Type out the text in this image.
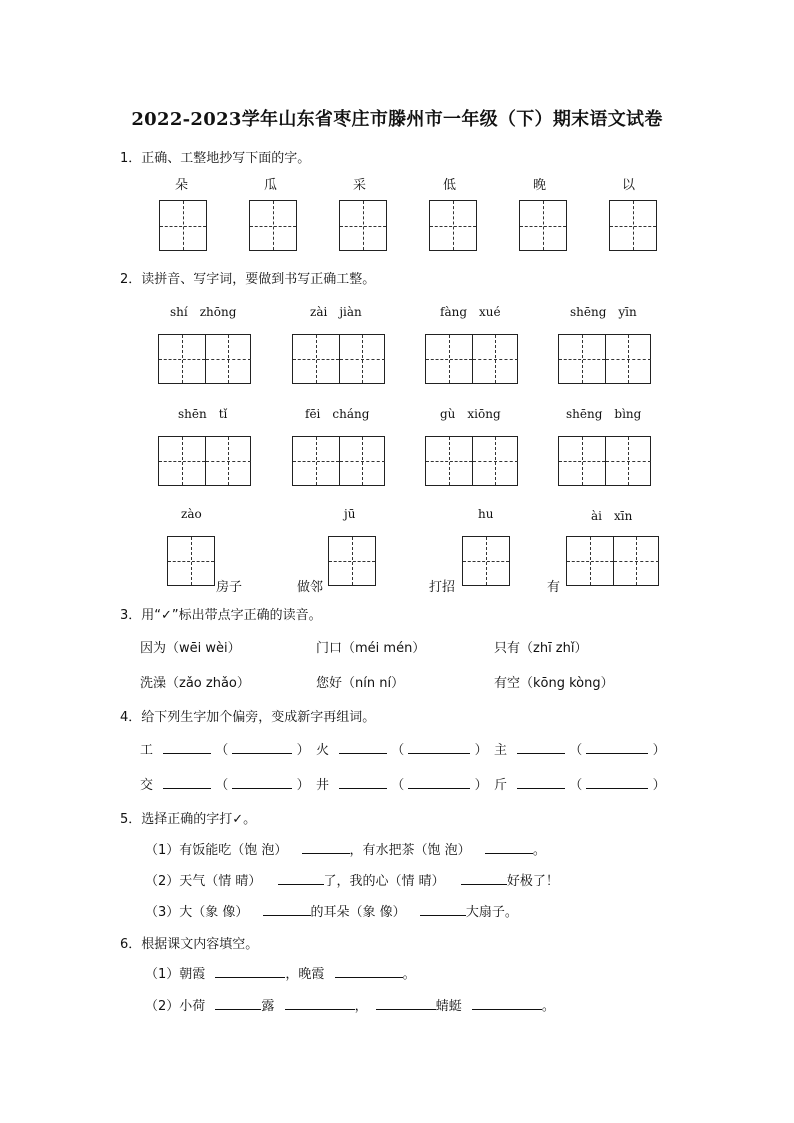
2022-2023学年山东省枣庄市滕州市一年级（下）期末语文试卷
1．正确、工整地抄写下面的字。
朵	瓜	采	低	晚	以
2．读拼音、写字词，要做到书写正确工整。
shí　zhōng	zài　jiàn	fàng　xué	shēng　yīn
shēn　tǐ	fēi　cháng	gù　xiōng	shēng　bìng
zào	jū	hu	ài　xīn
房子	做邻	打招	有
3．用“✓”标出带点字正确的读音。
因为（wēi wèi）	门口（méi mén）	只有（zhī zhǐ）
洗澡（zǎo zhǎo）	您好（nín ní）	有空（kōng kòng）
4．给下列生字加个偏旁，变成新字再组词。
工	（	） 火	（	） 主	（	）
交	（	） 井	（	） 斤	（	）
5．选择正确的字打✓。
（1）有饭能吃（饱 泡）	，有水把茶（饱 泡）	。
（2）天气（情 晴）	了，我的心（情 晴）	好极了！
（3）大（象 像）	的耳朵（象 像）	大扇子。
6．根据课文内容填空。
（1）朝霞	，晚霞	。
（2）小荷	露	，	蜻蜓	。
